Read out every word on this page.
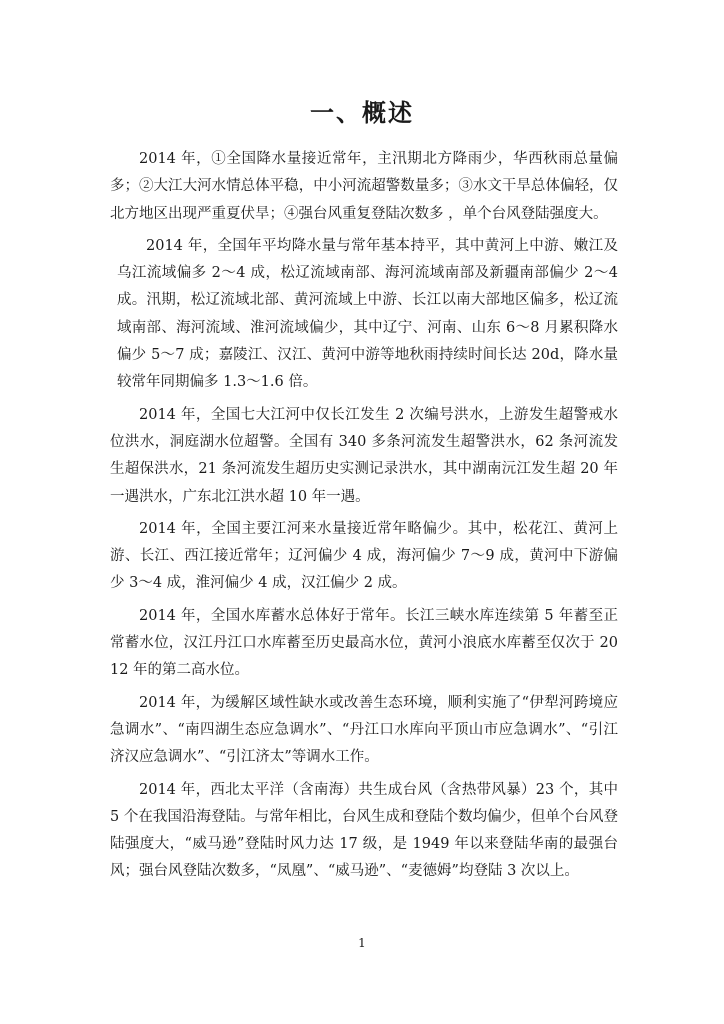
一、概述

2014 年，①全国降水量接近常年，主汛期北方降雨少，华西秋雨总量偏多；②大江大河水情总体平稳，中小河流超警数量多；③水文干旱总体偏轻，仅北方地区出现严重夏伏旱；④强台风重复登陆次数多 ，单个台风登陆强度大。

2014 年，全国年平均降水量与常年基本持平，其中黄河上中游、嫩江及乌江流域偏多 2～4 成，松辽流域南部、海河流域南部及新疆南部偏少 2～4 成。汛期，松辽流域北部、黄河流域上中游、长江以南大部地区偏多，松辽流域南部、海河流域、淮河流域偏少，其中辽宁、河南、山东 6～8 月累积降水偏少 5～7 成；嘉陵江、汉江、黄河中游等地秋雨持续时间长达 20d，降水量较常年同期偏多 1.3～1.6 倍。

2014 年，全国七大江河中仅长江发生 2 次编号洪水，上游发生超警戒水位洪水，洞庭湖水位超警。全国有 340 多条河流发生超警洪水，62 条河流发生超保洪水，21 条河流发生超历史实测记录洪水，其中湖南沅江发生超 20 年一遇洪水，广东北江洪水超 10 年一遇。

2014 年，全国主要江河来水量接近常年略偏少。其中，松花江、黄河上游、长江、西江接近常年；辽河偏少 4 成，海河偏少 7～9 成，黄河中下游偏少 3～4 成，淮河偏少 4 成，汉江偏少 2 成。

2014 年，全国水库蓄水总体好于常年。长江三峡水库连续第 5 年蓄至正常蓄水位，汉江丹江口水库蓄至历史最高水位，黄河小浪底水库蓄至仅次于 2012 年的第二高水位。

2014 年，为缓解区域性缺水或改善生态环境，顺利实施了“伊犁河跨境应急调水”、“南四湖生态应急调水”、“丹江口水库向平顶山市应急调水”、“引江济汉应急调水”、“引江济太”等调水工作。

2014 年，西北太平洋（含南海）共生成台风（含热带风暴）23 个，其中 5 个在我国沿海登陆。与常年相比，台风生成和登陆个数均偏少，但单个台风登陆强度大，“威马逊”登陆时风力达 17 级，是 1949 年以来登陆华南的最强台风；强台风登陆次数多，“凤凰”、“威马逊”、“麦德姆”均登陆 3 次以上。

1
